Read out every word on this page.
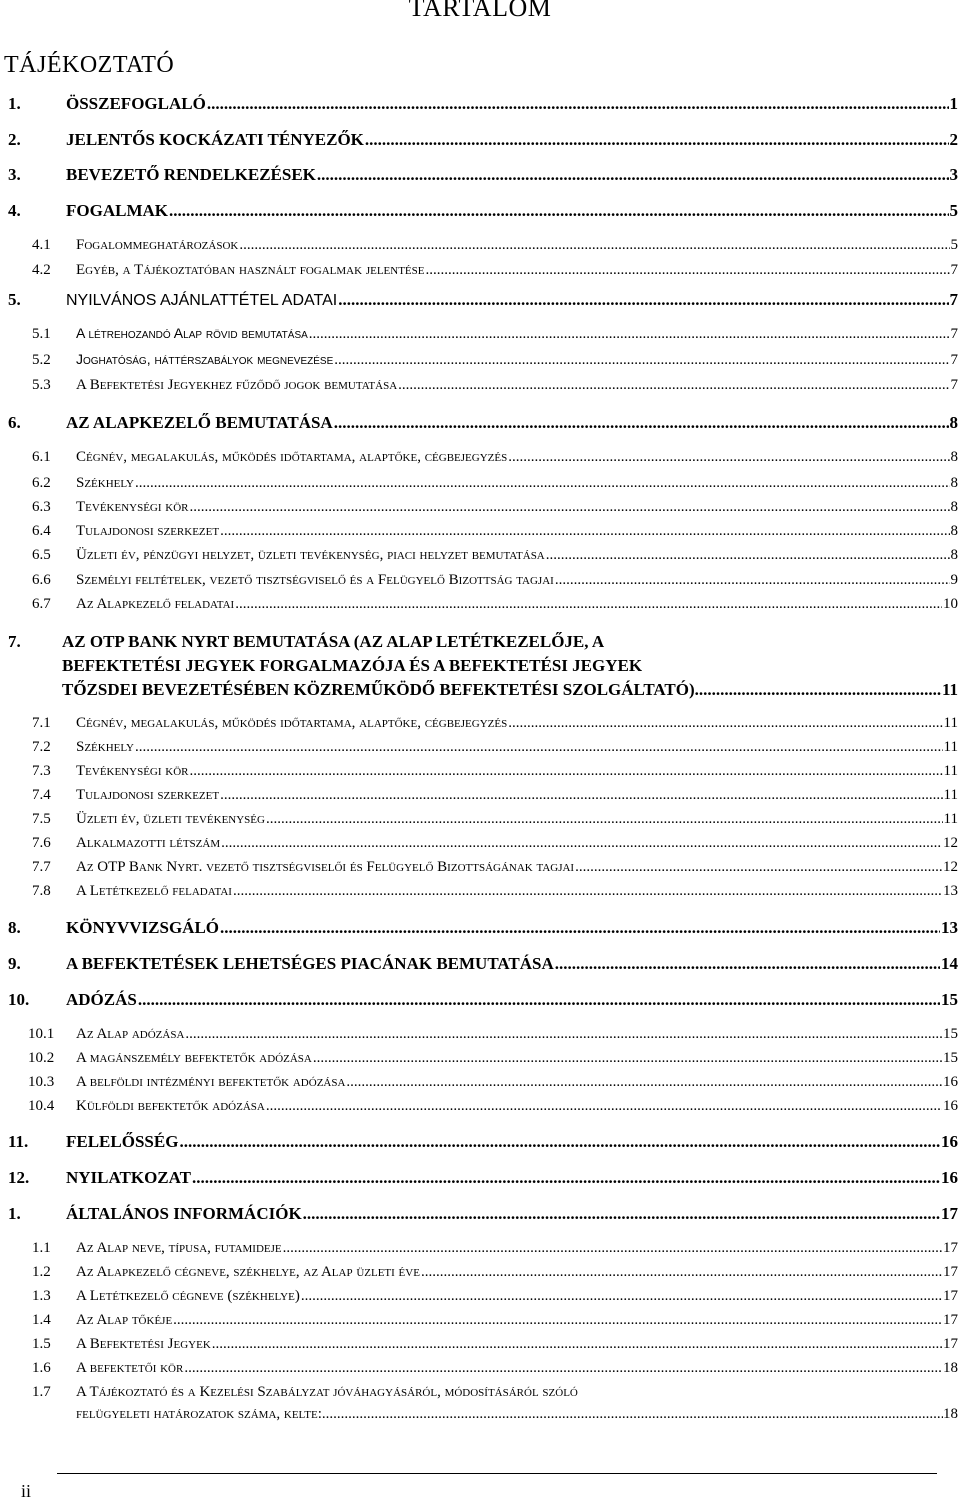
TARTALOM
TÁJÉKOZTATÓ
1.	ÖSSZEFOGLALÓ .....	1
2.	JELENTŐS KOCKÁZATI TÉNYEZŐK .....	2
3.	BEVEZETŐ RENDELKEZÉSEK .....	3
4.	FOGALMAK .....	5
4.1	Fogalommeghatározások .....	5
4.2	Egyéb, a Tájékoztatóban használt fogalmak jelentése .....	7
5.	NYILVÁNOS AJÁNLATTÉTEL ADATAI .....	7
5.1	A létrehozandó Alap rövid bemutatása .....	7
5.2	Joghatóság, háttérszabályok megnevezése .....	7
5.3	A Befektetési Jegyekhez fűződő jogok bemutatása .....	7
6.	AZ ALAPKEZELŐ BEMUTATÁSA .....	8
6.1	Cégnév, megalakulás, működés időtartama, alaptőke, cégbejegyzés .....	8
6.2	Székhely .....	8
6.3	Tevékenységi kör .....	8
6.4	Tulajdonosi szerkezet .....	8
6.5	Üzleti év, pénzügyi helyzet, üzleti tevékenység, piaci helyzet bemutatása .....	8
6.6	Személyi feltételek, vezető tisztségviselő és a Felügyelő Bizottság tagjai .....	9
6.7	Az Alapkezelő feladatai .....	10
7. AZ OTP BANK NYRT BEMUTATÁSA (AZ ALAP LETÉTKEZELŐJE, A
BEFEKTETÉSI JEGYEK FORGALMAZÓJA ÉS A BEFEKTETÉSI JEGYEK
TŐZSDEI BEVEZETÉSÉBEN KÖZREMŰKÖDŐ BEFEKTETÉSI SZOLGÁLTATÓ) .....	11
7.1	Cégnév, megalakulás, működés időtartama, alaptőke, cégbejegyzés .....	11
7.2	Székhely .....	11
7.3	Tevékenységi kör .....	11
7.4	Tulajdonosi szerkezet .....	11
7.5	Üzleti év, üzleti tevékenység .....	11
7.6	Alkalmazotti létszám .....	12
7.7	Az OTP Bank Nyrt. vezető tisztségviselői és Felügyelő Bizottságának tagjai .....	12
7.8	A Letétkezelő feladatai .....	13
8.	KÖNYVVIZSGÁLÓ .....	13
9.	A BEFEKTETÉSEK LEHETSÉGES PIACÁNAK BEMUTATÁSA .....	14
10.	ADÓZÁS .....	15
10.1	Az Alap adózása .....	15
10.2	A magánszemély befektetők adózása .....	15
10.3	A belföldi intézményi befektetők adózása .....	16
10.4	Külföldi befektetők adózása .....	16
11.	FELELŐSSÉG .....	16
12.	NYILATKOZAT .....	16
1.	ÁLTALÁNOS INFORMÁCIÓK .....	17
1.1	Az Alap neve, típusa, futamideje .....	17
1.2	Az Alapkezelő cégneve, székhelye, az Alap üzleti éve .....	17
1.3	A Letétkezelő cégneve (székhelye) .....	17
1.4	Az Alap tőkéje .....	17
1.5	A Befektetési Jegyek .....	17
1.6	A befektetői kör .....	18
1.7 A Tájékoztató és a Kezelési Szabályzat jóváhagyásáról, módosításáról szóló
felügyeleti határozatok száma, kelte: .....	18
ii
